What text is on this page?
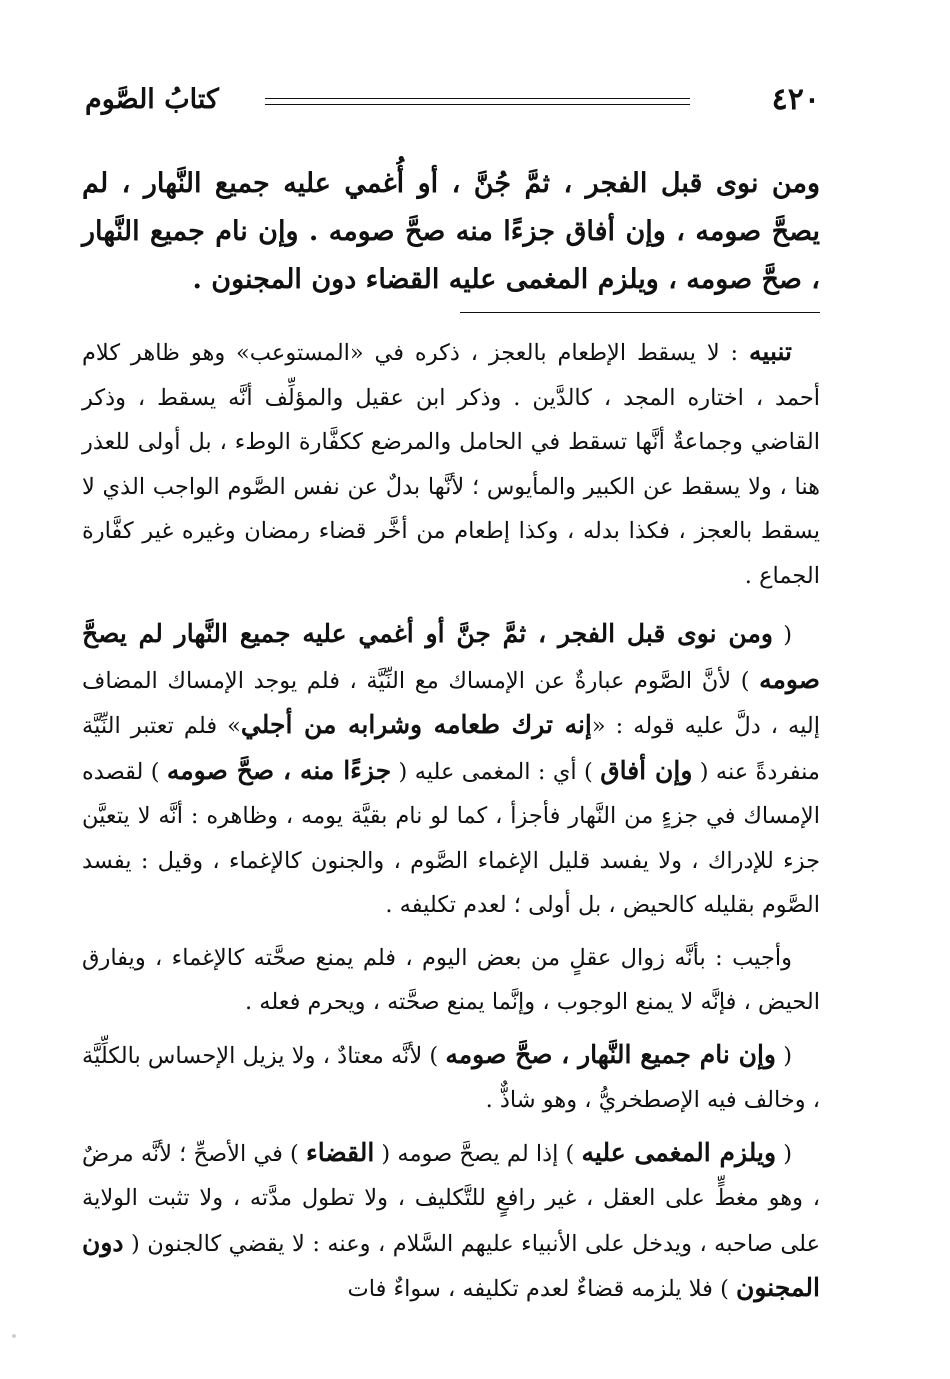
٤٢٠
كتابُ الصَّوم
ومن نوى قبل الفجر ، ثمَّ جُنَّ ، أو أُغمي عليه جميع النَّهار ، لم يصحَّ صومه ، وإن أفاق جزءًا منه صحَّ صومه . وإن نام جميع النَّهار ، صحَّ صومه ، ويلزم المغمى عليه القضاء دون المجنون .

تنبيه : لا يسقط الإطعام بالعجز ، ذكره في «المستوعب» وهو ظاهر كلام أحمد ، اختاره المجد ، كالدَّين . وذكر ابن عقيل والمؤلِّف أنَّه يسقط ، وذكر القاضي وجماعةٌ أنَّها تسقط في الحامل والمرضع ككفَّارة الوطء ، بل أولى للعذر هنا ، ولا يسقط عن الكبير والمأيوس ؛ لأنَّها بدلٌ عن نفس الصَّوم الواجب الذي لا يسقط بالعجز ، فكذا بدله ، وكذا إطعام من أخَّر قضاء رمضان وغيره غير كفَّارة الجماع .

( ومن نوى قبل الفجر ، ثمَّ جنَّ أو أغمي عليه جميع النَّهار لم يصحَّ صومه ) لأنَّ الصَّوم عبارةٌ عن الإمساك مع النِّيَّة ، فلم يوجد الإمساك المضاف إليه ، دلَّ عليه قوله : «إنه ترك طعامه وشرابه من أجلي» فلم تعتبر النِّيَّة منفردةً عنه ( وإن أفاق ) أي : المغمى عليه ( جزءًا منه ، صحَّ صومه ) لقصده الإمساك في جزءٍ من النَّهار فأجزأ ، كما لو نام بقيَّة يومه ، وظاهره : أنَّه لا يتعيَّن جزء للإدراك ، ولا يفسد قليل الإغماء الصَّوم ، والجنون كالإغماء ، وقيل : يفسد الصَّوم بقليله كالحيض ، بل أولى ؛ لعدم تكليفه .

وأجيب : بأنَّه زوال عقلٍ من بعض اليوم ، فلم يمنع صحَّته كالإغماء ، ويفارق الحيض ، فإنَّه لا يمنع الوجوب ، وإنَّما يمنع صحَّته ، ويحرم فعله .

( وإن نام جميع النَّهار ، صحَّ صومه ) لأنَّه معتادٌ ، ولا يزيل الإحساس بالكلِّيَّة ، وخالف فيه الإصطخريُّ ، وهو شاذٌّ .

( ويلزم المغمى عليه ) إذا لم يصحَّ صومه ( القضاء ) في الأصحِّ ؛ لأنَّه مرضٌ ، وهو مغطٍّ على العقل ، غير رافعٍ للتَّكليف ، ولا تطول مدَّته ، ولا تثبت الولاية على صاحبه ، ويدخل على الأنبياء عليهم السَّلام ، وعنه : لا يقضي كالجنون ( دون المجنون ) فلا يلزمه قضاءٌ لعدم تكليفه ، سواءٌ فات
